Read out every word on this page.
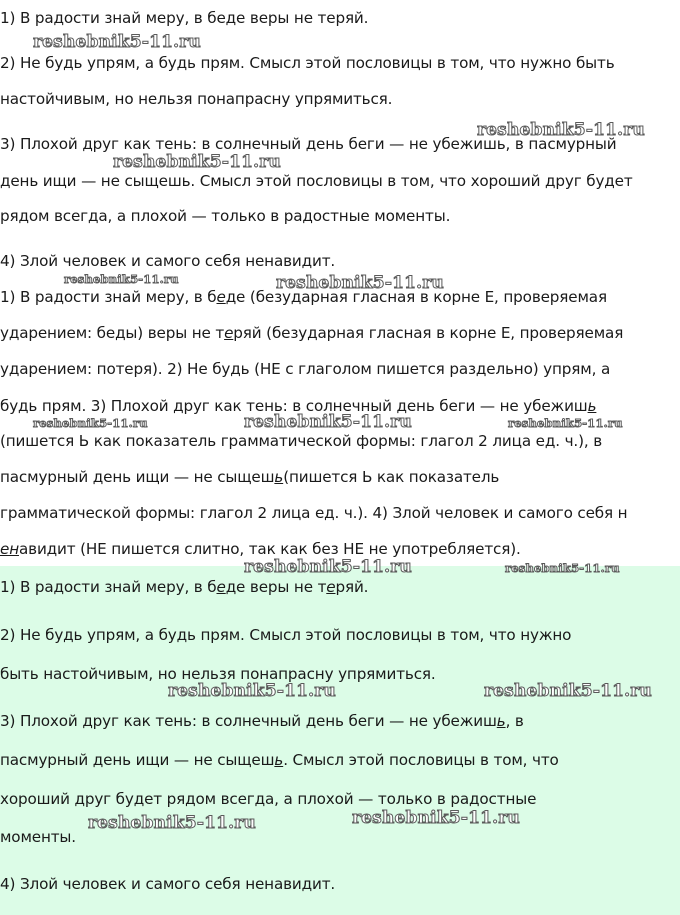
1) В радости знай меру, в беде веры не теряй.
2) Не будь упрям, а будь прям. Смысл этой пословицы в том, что нужно быть
настойчивым, но нельзя понапрасну упрямиться.
3) Плохой друг как тень: в солнечный день беги — не убежишь, в пасмурный
день ищи — не сыщешь. Смысл этой пословицы в том, что хороший друг будет
рядом всегда, а плохой — только в радостные моменты.
4) Злой человек и самого себя ненавидит.
1) В радости знай меру, в беде (безударная гласная в корне Е, проверяемая
ударением: беды) веры не теряй (безударная гласная в корне Е, проверяемая
ударением: потеря). 2) Не будь (НЕ с глаголом пишется раздельно) упрям, а
будь прям. 3) Плохой друг как тень: в солнечный день беги — не убежишь
(пишется Ь как показатель грамматической формы: глагол 2 лица ед. ч.), в
пасмурный день ищи — не сыщешь(пишется Ь как показатель
грамматической формы: глагол 2 лица ед. ч.). 4) Злой человек и самого себя н
енавидит (НЕ пишется слитно, так как без НЕ не употребляется).
1) В радости знай меру, в беде веры не теряй.
2) Не будь упрям, а будь прям. Смысл этой пословицы в том, что нужно
быть настойчивым, но нельзя понапрасну упрямиться.
3) Плохой друг как тень: в солнечный день беги — не убежишь, в
пасмурный день ищи — не сыщешь. Смысл этой пословицы в том, что
хороший друг будет рядом всегда, а плохой — только в радостные
моменты.
4) Злой человек и самого себя ненавидит.
reshebnik5-11.ru
reshebnik5-11.ru
reshebnik5-11.ru
reshebnik5-11.ru	reshebnik5-11.ru
reshebnik5-11.ru	reshebnik5-11.ru	reshebnik5-11.ru
reshebnik5-11.ru	reshebnik5-11.ru
reshebnik5-11.ru	reshebnik5-11.ru
reshebnik5-11.ru	reshebnik5-11.ru
